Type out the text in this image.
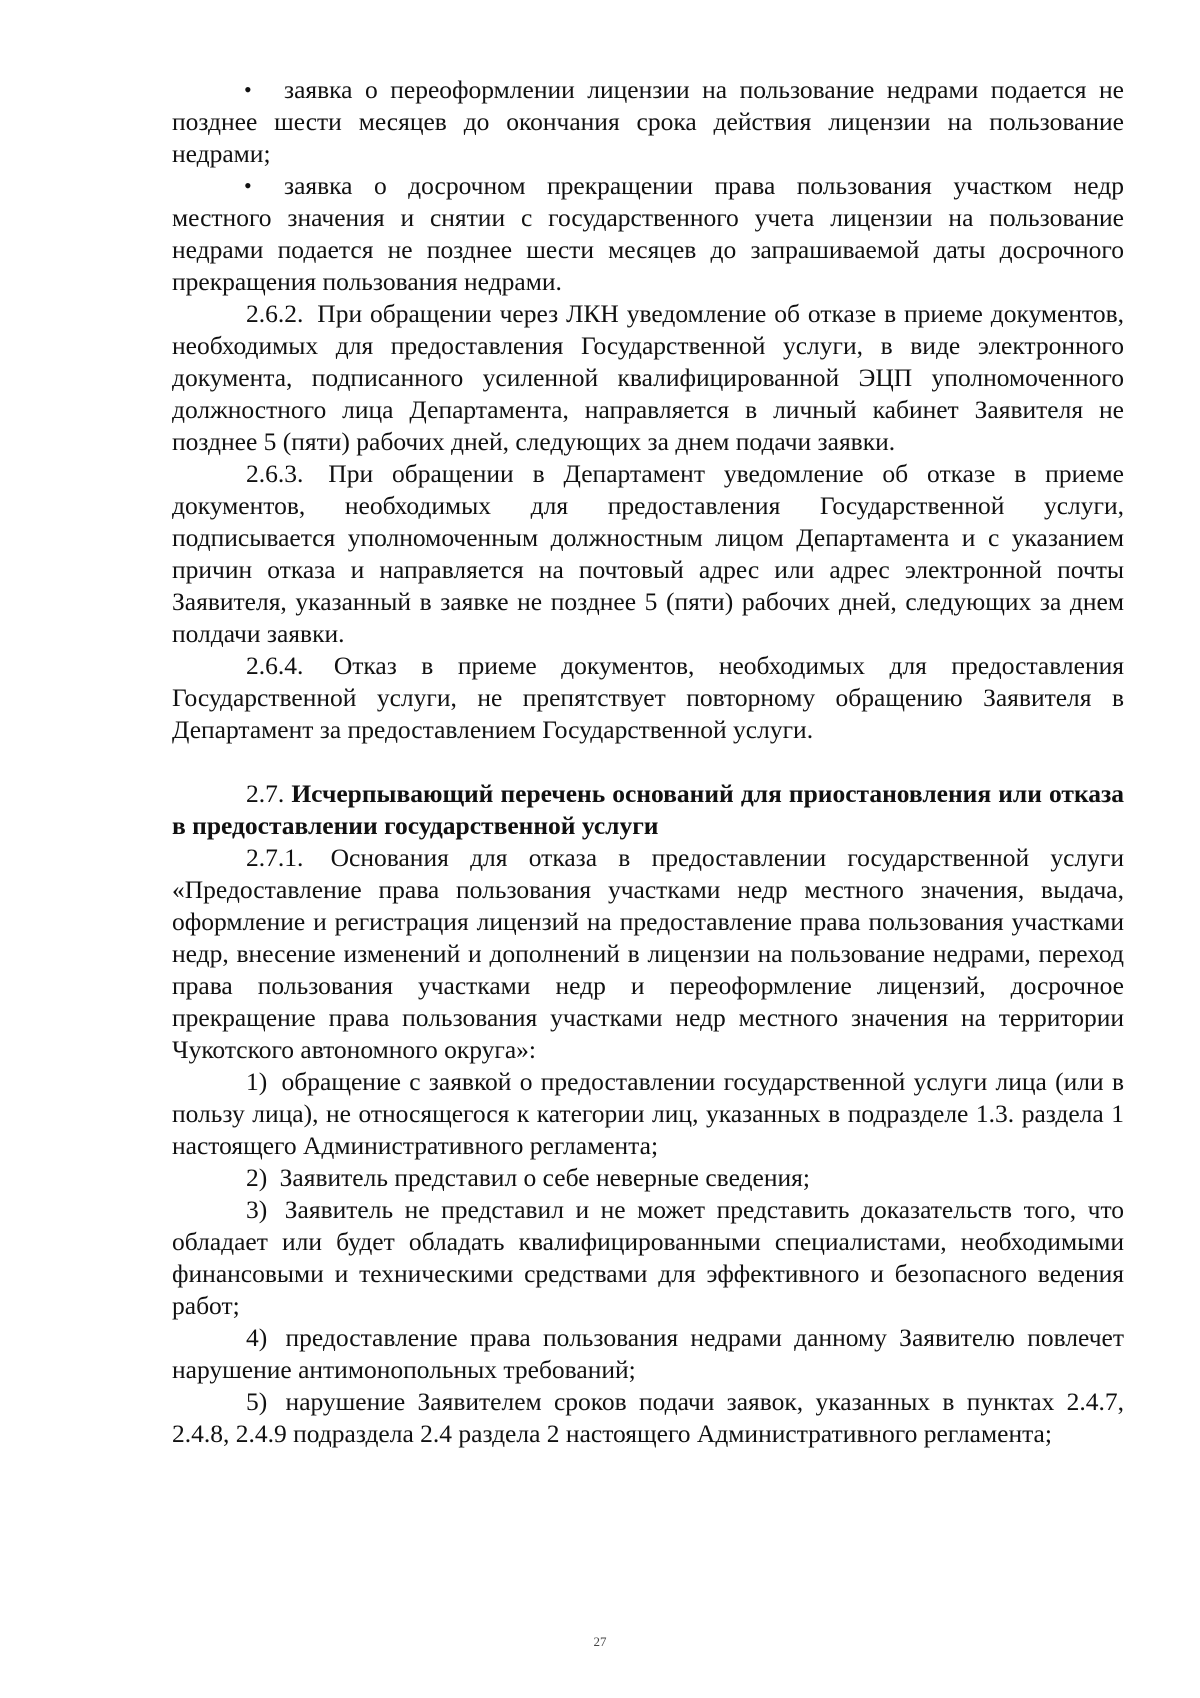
•	заявка о переоформлении лицензии на пользование недрами подается не позднее шести месяцев до окончания срока действия лицензии на пользование недрами;

•	заявка о досрочном прекращении права пользования участком недр местного значения и снятии с государственного учета лицензии на пользование недрами подается не позднее шести месяцев до запрашиваемой даты досрочного прекращения пользования недрами.

2.6.2. При обращении через ЛКН уведомление об отказе в приеме документов, необходимых для предоставления Государственной услуги, в виде электронного документа, подписанного усиленной квалифицированной ЭЦП уполномоченного должностного лица Департамента, направляется в личный кабинет Заявителя не позднее 5 (пяти) рабочих дней, следующих за днем подачи заявки.

2.6.3. При обращении в Департамент уведомление об отказе в приеме документов, необходимых для предоставления Государственной услуги, подписывается уполномоченным должностным лицом Департамента и с указанием причин отказа и направляется на почтовый адрес или адрес электронной почты Заявителя, указанный в заявке не позднее 5 (пяти) рабочих дней, следующих за днем полдачи заявки.

2.6.4. Отказ в приеме документов, необходимых для предоставления Государственной услуги, не препятствует повторному обращению Заявителя в Департамент за предоставлением Государственной услуги.

2.7. Исчерпывающий перечень оснований для приостановления или отказа в предоставлении государственной услуги

2.7.1. Основания для отказа в предоставлении государственной услуги «Предоставление права пользования участками недр местного значения, выдача, оформление и регистрация лицензий на предоставление права пользования участками недр, внесение изменений и дополнений в лицензии на пользование недрами, переход права пользования участками недр и переоформление лицензий, досрочное прекращение права пользования участками недр местного значения на территории Чукотского автономного округа»:

1) обращение с заявкой о предоставлении государственной услуги лица (или в пользу лица), не относящегося к категории лиц, указанных в подразделе 1.3. раздела 1 настоящего Административного регламента;

2) Заявитель представил о себе неверные сведения;

3) Заявитель не представил и не может представить доказательств того, что обладает или будет обладать квалифицированными специалистами, необходимыми финансовыми и техническими средствами для эффективного и безопасного ведения работ;

4) предоставление права пользования недрами данному Заявителю повлечет нарушение антимонопольных требований;

5) нарушение Заявителем сроков подачи заявок, указанных в пунктах 2.4.7, 2.4.8, 2.4.9 подраздела 2.4 раздела 2 настоящего Административного регламента;

27
